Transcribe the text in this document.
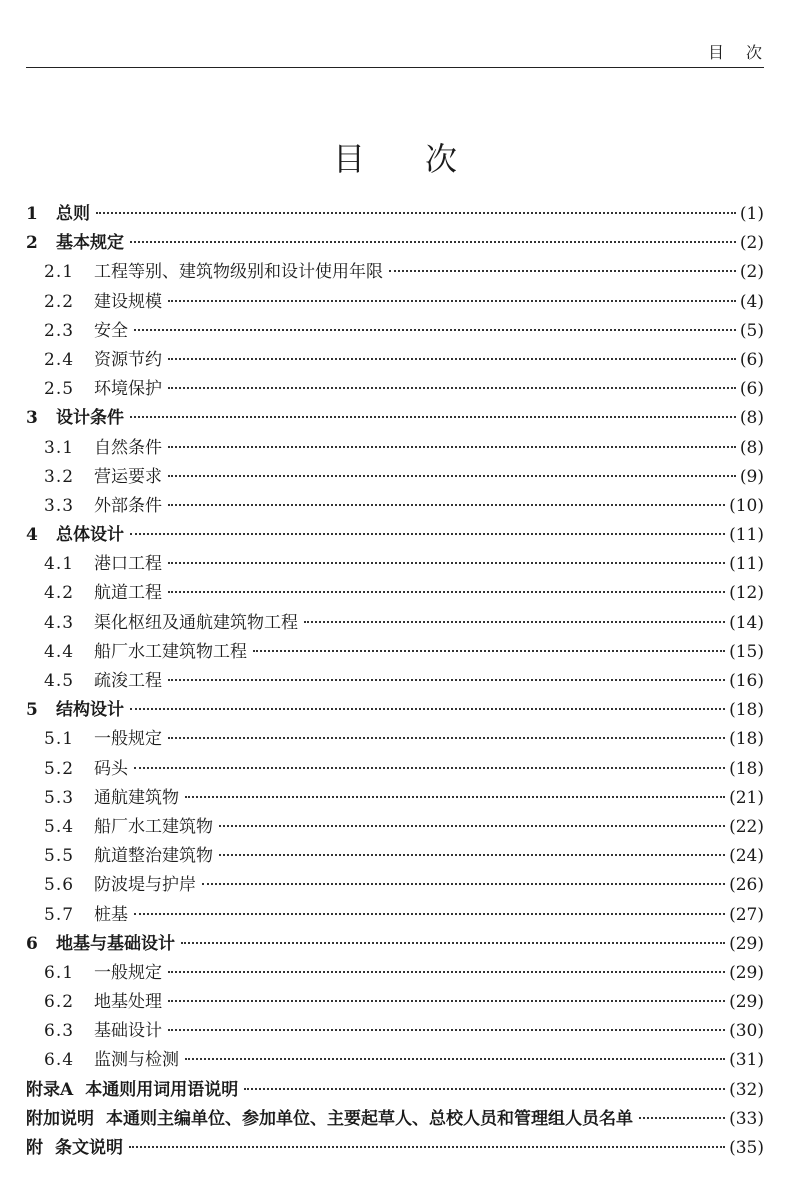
目次
目次
1	总则	(1)
2	基本规定	(2)
2.1	工程等别、建筑物级别和设计使用年限	(2)
2.2	建设规模	(4)
2.3	安全	(5)
2.4	资源节约	(6)
2.5	环境保护	(6)
3	设计条件	(8)
3.1	自然条件	(8)
3.2	营运要求	(9)
3.3	外部条件	(10)
4	总体设计	(11)
4.1	港口工程	(11)
4.2	航道工程	(12)
4.3	渠化枢纽及通航建筑物工程	(14)
4.4	船厂水工建筑物工程	(15)
4.5	疏浚工程	(16)
5	结构设计	(18)
5.1	一般规定	(18)
5.2	码头	(18)
5.3	通航建筑物	(21)
5.4	船厂水工建筑物	(22)
5.5	航道整治建筑物	(24)
5.6	防波堤与护岸	(26)
5.7	桩基	(27)
6	地基与基础设计	(29)
6.1	一般规定	(29)
6.2	地基处理	(29)
6.3	基础设计	(30)
6.4	监测与检测	(31)
附录A 本通则用词用语说明	(32)
附加说明 本通则主编单位、参加单位、主要起草人、总校人员和管理组人员名单	(33)
附 条文说明	(35)
